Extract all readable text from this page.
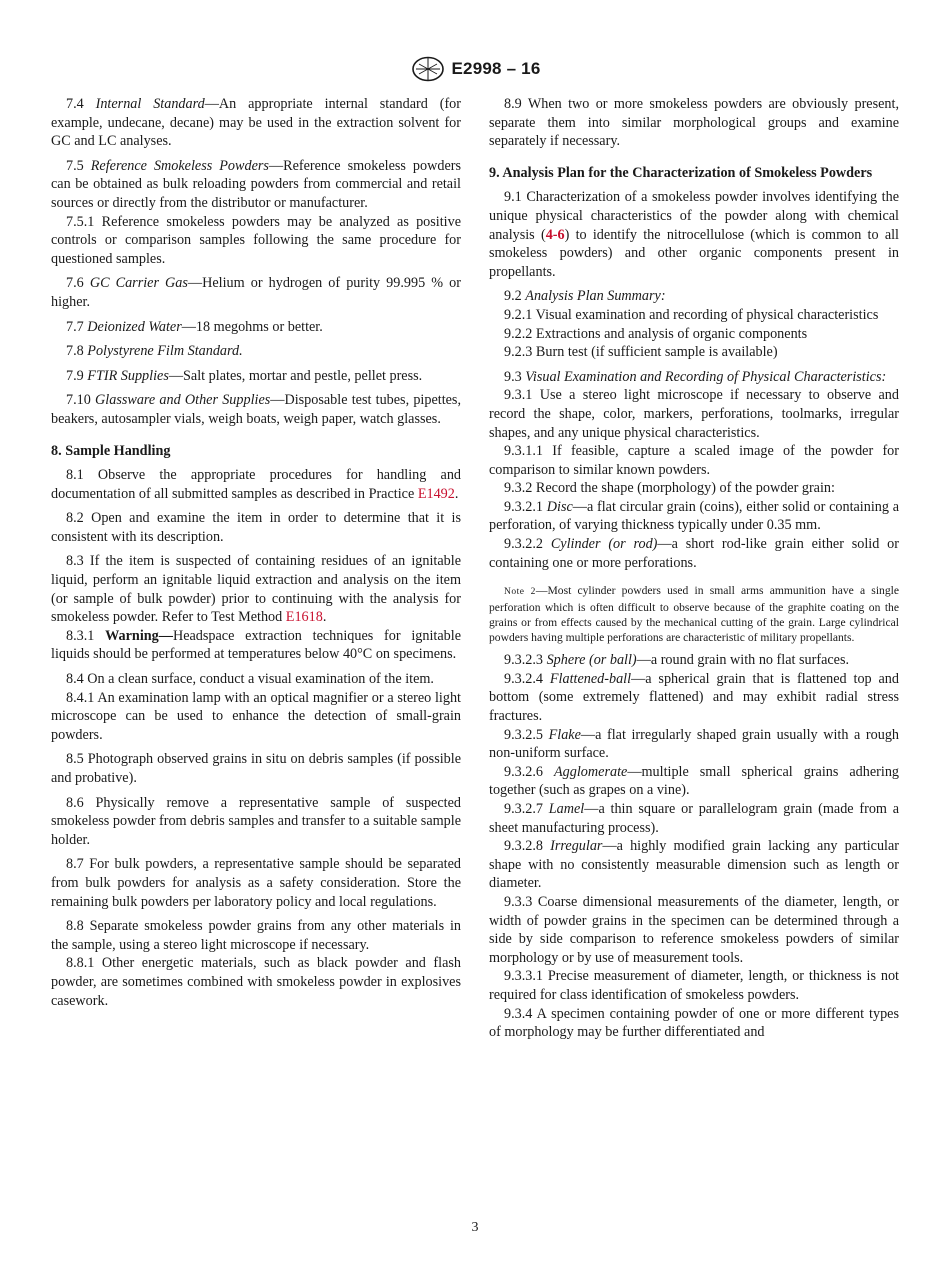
E2998 – 16

7.4 Internal Standard—An appropriate internal standard (for example, undecane, decane) may be used in the extraction solvent for GC and LC analyses.

7.5 Reference Smokeless Powders—Reference smokeless powders can be obtained as bulk reloading powders from commercial and retail sources or directly from the distributor or manufacturer.

7.5.1 Reference smokeless powders may be analyzed as positive controls or comparison samples following the same procedure for questioned samples.

7.6 GC Carrier Gas—Helium or hydrogen of purity 99.995 % or higher.

7.7 Deionized Water—18 megohms or better.

7.8 Polystyrene Film Standard.

7.9 FTIR Supplies—Salt plates, mortar and pestle, pellet press.

7.10 Glassware and Other Supplies—Disposable test tubes, pipettes, beakers, autosampler vials, weigh boats, weigh paper, watch glasses.

8. Sample Handling

8.1 Observe the appropriate procedures for handling and documentation of all submitted samples as described in Practice E1492.

8.2 Open and examine the item in order to determine that it is consistent with its description.

8.3 If the item is suspected of containing residues of an ignitable liquid, perform an ignitable liquid extraction and analysis on the item (or sample of bulk powder) prior to continuing with the analysis for smokeless powder. Refer to Test Method E1618.

8.3.1 Warning—Headspace extraction techniques for ignitable liquids should be performed at temperatures below 40°C on specimens.

8.4 On a clean surface, conduct a visual examination of the item.

8.4.1 An examination lamp with an optical magnifier or a stereo light microscope can be used to enhance the detection of small-grain powders.

8.5 Photograph observed grains in situ on debris samples (if possible and probative).

8.6 Physically remove a representative sample of suspected smokeless powder from debris samples and transfer to a suitable sample holder.

8.7 For bulk powders, a representative sample should be separated from bulk powders for analysis as a safety consideration. Store the remaining bulk powders per laboratory policy and local regulations.

8.8 Separate smokeless powder grains from any other materials in the sample, using a stereo light microscope if necessary.

8.8.1 Other energetic materials, such as black powder and flash powder, are sometimes combined with smokeless powder in explosives casework.

8.9 When two or more smokeless powders are obviously present, separate them into similar morphological groups and examine separately if necessary.

9. Analysis Plan for the Characterization of Smokeless Powders

9.1 Characterization of a smokeless powder involves identifying the unique physical characteristics of the powder along with chemical analysis (4-6) to identify the nitrocellulose (which is common to all smokeless powders) and other organic components present in propellants.

9.2 Analysis Plan Summary:

9.2.1 Visual examination and recording of physical characteristics

9.2.2 Extractions and analysis of organic components

9.2.3 Burn test (if sufficient sample is available)

9.3 Visual Examination and Recording of Physical Characteristics:

9.3.1 Use a stereo light microscope if necessary to observe and record the shape, color, markers, perforations, toolmarks, irregular shapes, and any unique physical characteristics.

9.3.1.1 If feasible, capture a scaled image of the powder for comparison to similar known powders.

9.3.2 Record the shape (morphology) of the powder grain:

9.3.2.1 Disc—a flat circular grain (coins), either solid or containing a perforation, of varying thickness typically under 0.35 mm.

9.3.2.2 Cylinder (or rod)—a short rod-like grain either solid or containing one or more perforations.

Note 2—Most cylinder powders used in small arms ammunition have a single perforation which is often difficult to observe because of the graphite coating on the grains or from effects caused by the mechanical cutting of the grain. Large cylindrical powders having multiple perforations are characteristic of military propellants.

9.3.2.3 Sphere (or ball)—a round grain with no flat surfaces.

9.3.2.4 Flattened-ball—a spherical grain that is flattened top and bottom (some extremely flattened) and may exhibit radial stress fractures.

9.3.2.5 Flake—a flat irregularly shaped grain usually with a rough non-uniform surface.

9.3.2.6 Agglomerate—multiple small spherical grains adhering together (such as grapes on a vine).

9.3.2.7 Lamel—a thin square or parallelogram grain (made from a sheet manufacturing process).

9.3.2.8 Irregular—a highly modified grain lacking any particular shape with no consistently measurable dimension such as length or diameter.

9.3.3 Coarse dimensional measurements of the diameter, length, or width of powder grains in the specimen can be determined through a side by side comparison to reference smokeless powders of similar morphology or by use of measurement tools.

9.3.3.1 Precise measurement of diameter, length, or thickness is not required for class identification of smokeless powders.

9.3.4 A specimen containing powder of one or more different types of morphology may be further differentiated and

3
